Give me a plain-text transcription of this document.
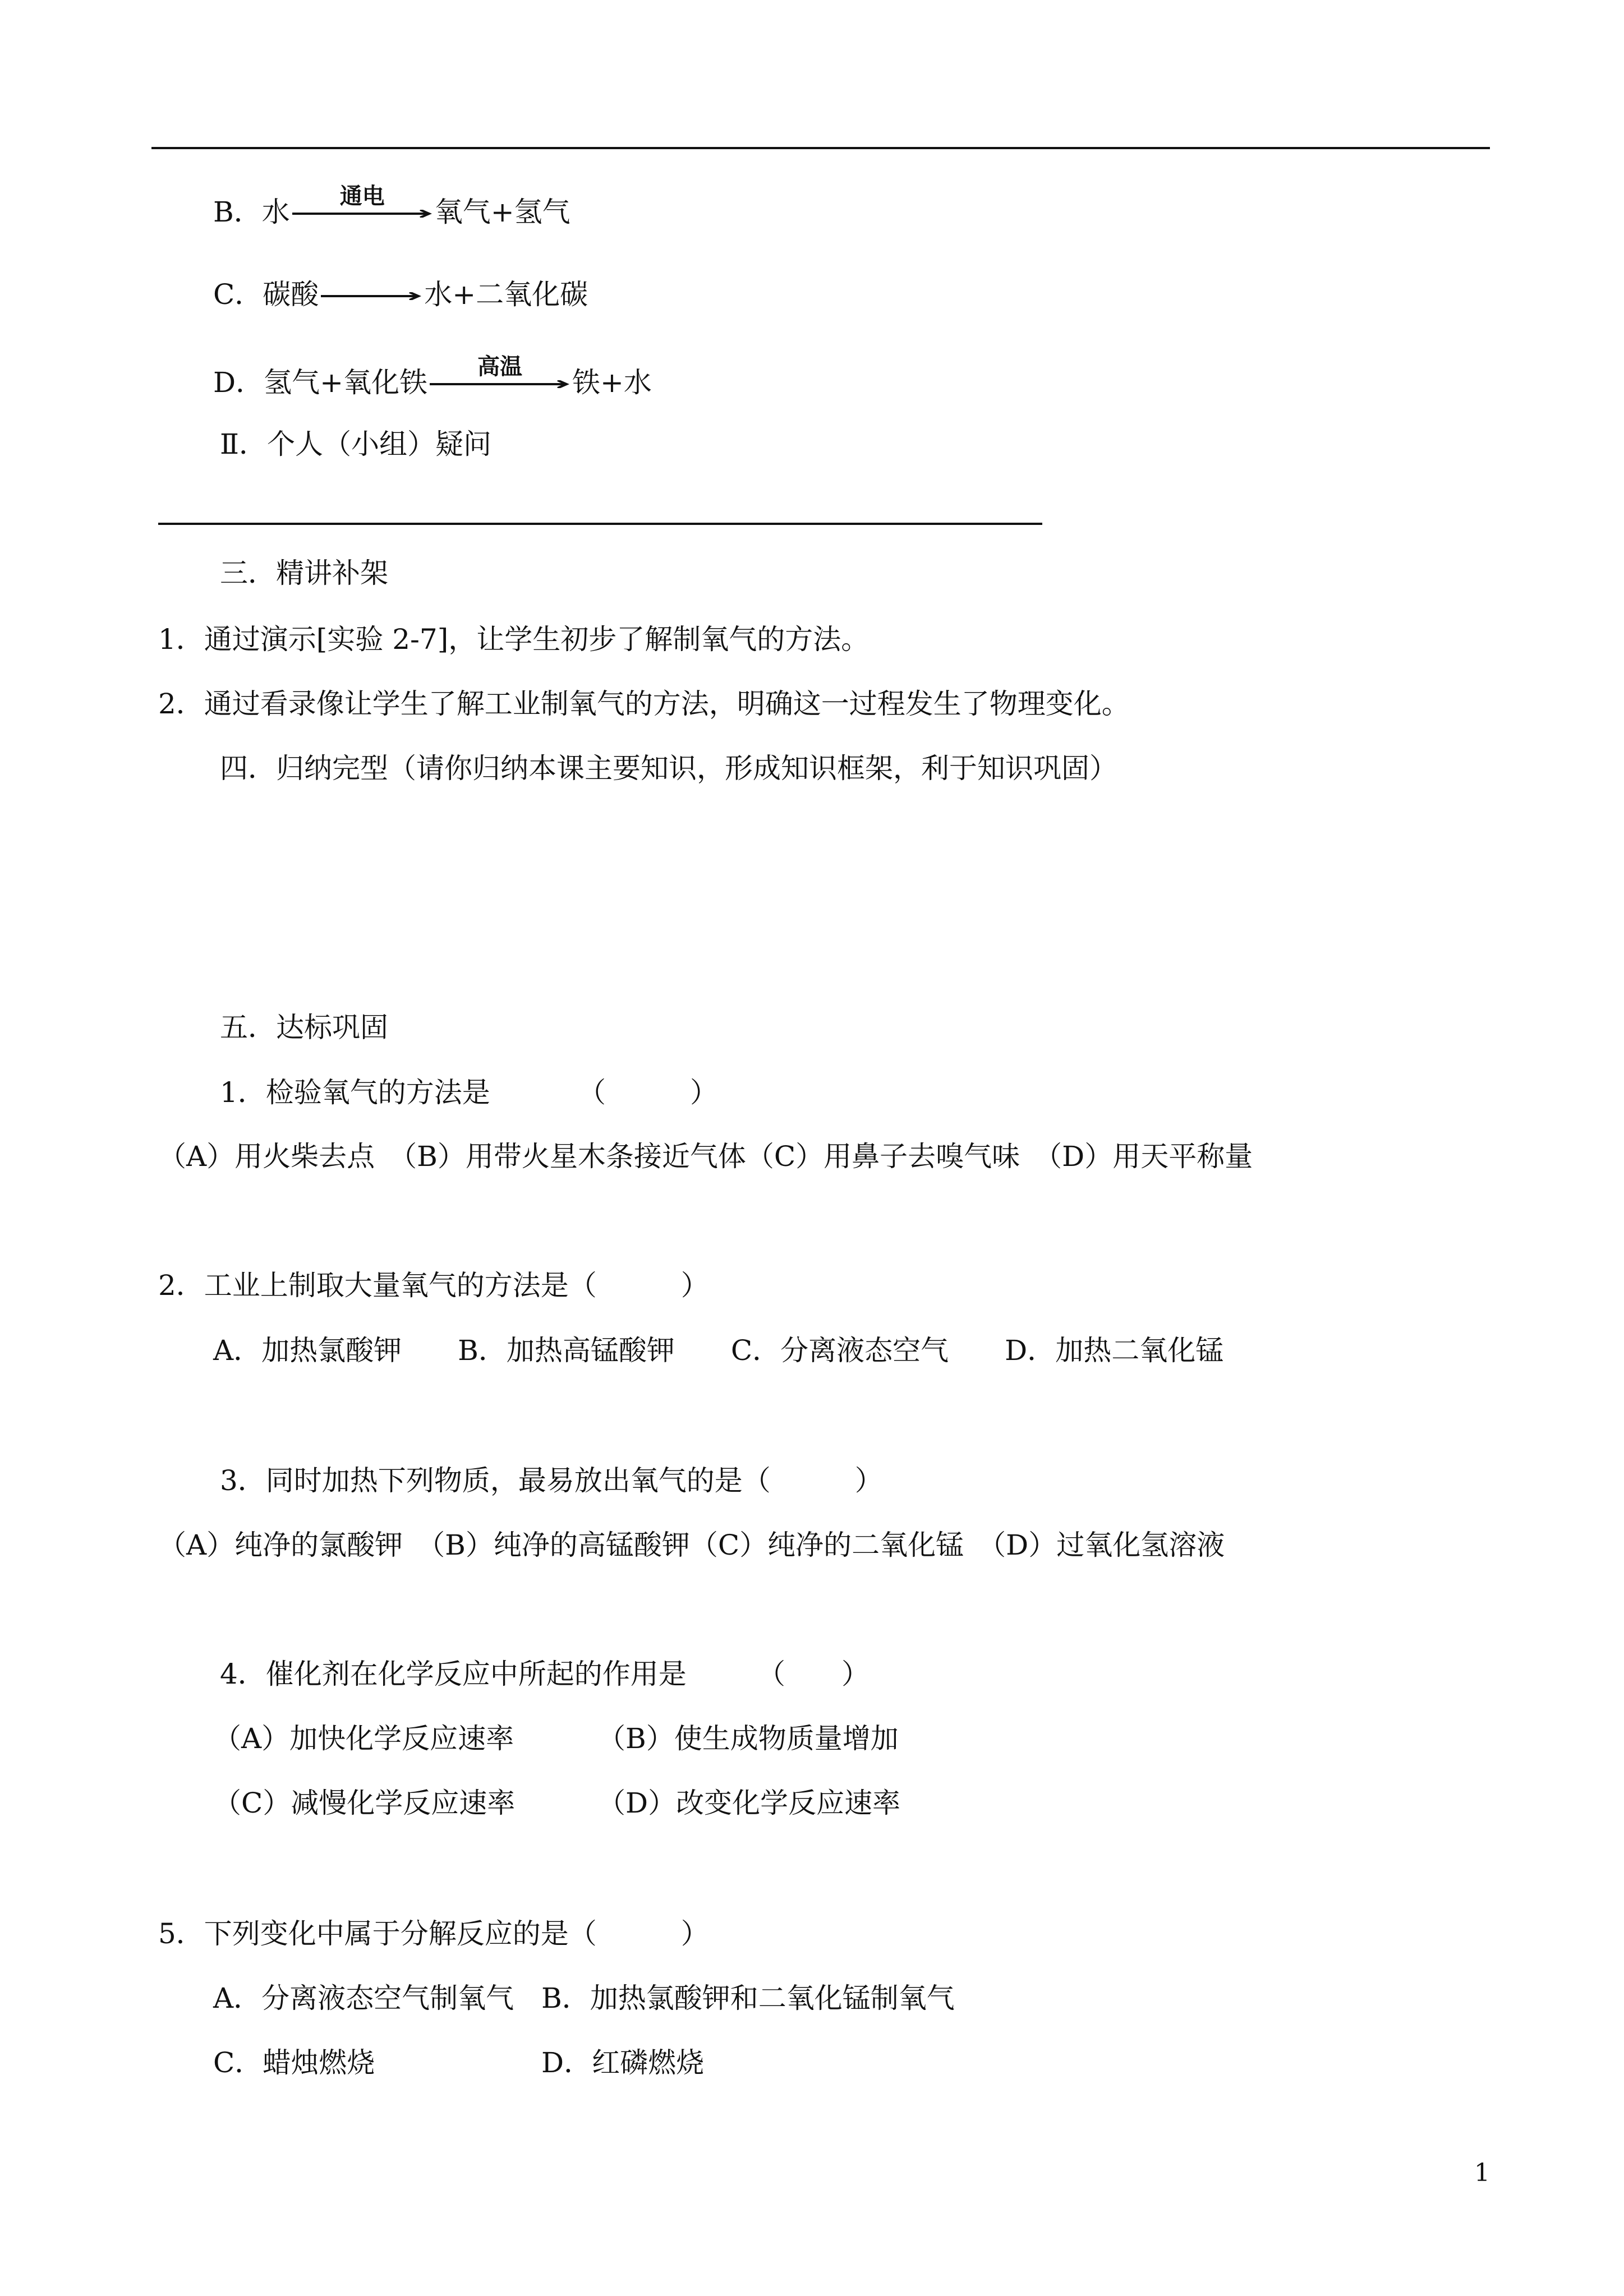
B．水

	通电

	氧气+氢气
C．碳酸

	水+二氧化碳
D．氢气+氧化铁

	高温

	铁+水
Ⅱ．个人（小组）疑问
三．精讲补架
1．通过演示[实验 2-7]，让学生初步了解制氧气的方法。
2．通过看录像让学生了解工业制氧气的方法，明确这一过程发生了物理变化。
四．归纳完型（请你归纳本课主要知识，形成知识框架，利于知识巩固）
五．达标巩固
1．检验氧气的方法是	（　　　）
（A）用火柴去点　（B）用带火星木条接近气体（C）用鼻子去嗅气味　（D）用天平称量
2．工业上制取大量氧气的方法是（　　　）
A．加热氯酸钾　　B．加热高锰酸钾　　C．分离液态空气　　D．加热二氧化锰
3．同时加热下列物质，最易放出氧气的是（　　　）
（A）纯净的氯酸钾　（B）纯净的高锰酸钾（C）纯净的二氧化锰　（D）过氧化氢溶液
4．催化剂在化学反应中所起的作用是	（　　）
（A）加快化学反应速率	（B）使生成物质量增加
（C）减慢化学反应速率	（D）改变化学反应速率
5．下列变化中属于分解反应的是（　　　）
A．分离液态空气制氧气 B．加热氯酸钾和二氧化锰制氧气
C．蜡烛燃烧	D．红磷燃烧
1
